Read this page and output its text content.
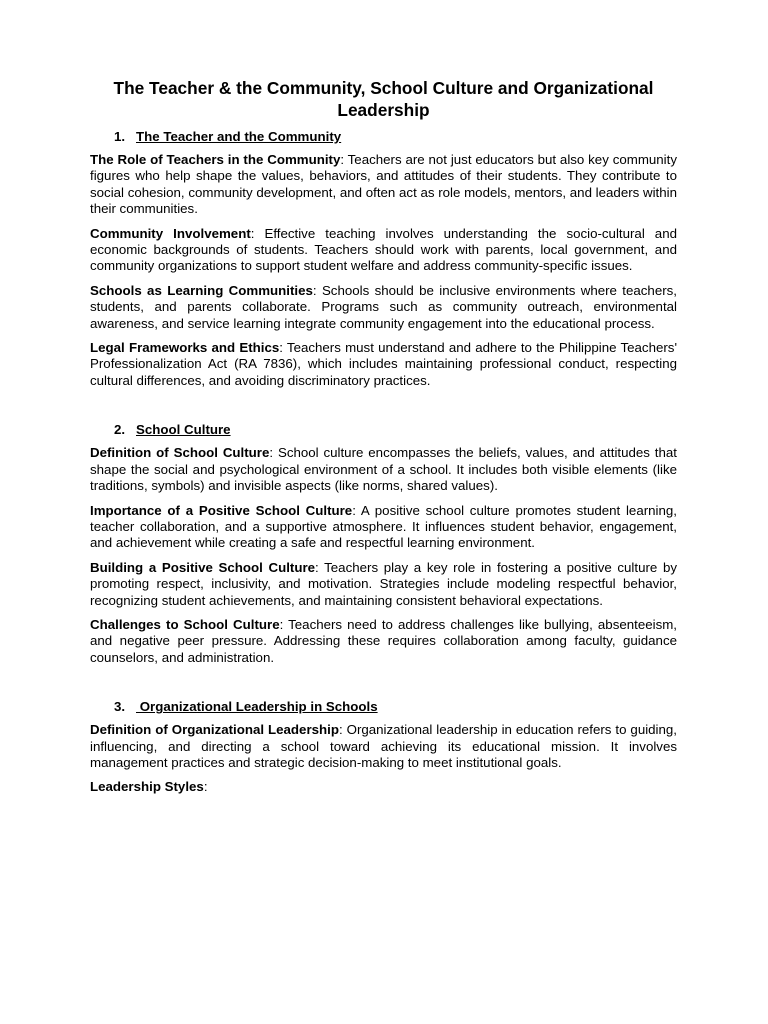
The Teacher & the Community, School Culture and Organizational Leadership
1. The Teacher and the Community

The Role of Teachers in the Community: Teachers are not just educators but also key community figures who help shape the values, behaviors, and attitudes of their students. They contribute to social cohesion, community development, and often act as role models, mentors, and leaders within their communities.

Community Involvement: Effective teaching involves understanding the socio-cultural and economic backgrounds of students. Teachers should work with parents, local government, and community organizations to support student welfare and address community-specific issues.

Schools as Learning Communities: Schools should be inclusive environments where teachers, students, and parents collaborate. Programs such as community outreach, environmental awareness, and service learning integrate community engagement into the educational process.

Legal Frameworks and Ethics: Teachers must understand and adhere to the Philippine Teachers' Professionalization Act (RA 7836), which includes maintaining professional conduct, respecting cultural differences, and avoiding discriminatory practices.

2. School Culture

Definition of School Culture: School culture encompasses the beliefs, values, and attitudes that shape the social and psychological environment of a school. It includes both visible elements (like traditions, symbols) and invisible aspects (like norms, shared values).

Importance of a Positive School Culture: A positive school culture promotes student learning, teacher collaboration, and a supportive atmosphere. It influences student behavior, engagement, and achievement while creating a safe and respectful learning environment.

Building a Positive School Culture: Teachers play a key role in fostering a positive culture by promoting respect, inclusivity, and motivation. Strategies include modeling respectful behavior, recognizing student achievements, and maintaining consistent behavioral expectations.

Challenges to School Culture: Teachers need to address challenges like bullying, absenteeism, and negative peer pressure. Addressing these requires collaboration among faculty, guidance counselors, and administration.

3. Organizational Leadership in Schools

Definition of Organizational Leadership: Organizational leadership in education refers to guiding, influencing, and directing a school toward achieving its educational mission. It involves management practices and strategic decision-making to meet institutional goals.

Leadership Styles:
